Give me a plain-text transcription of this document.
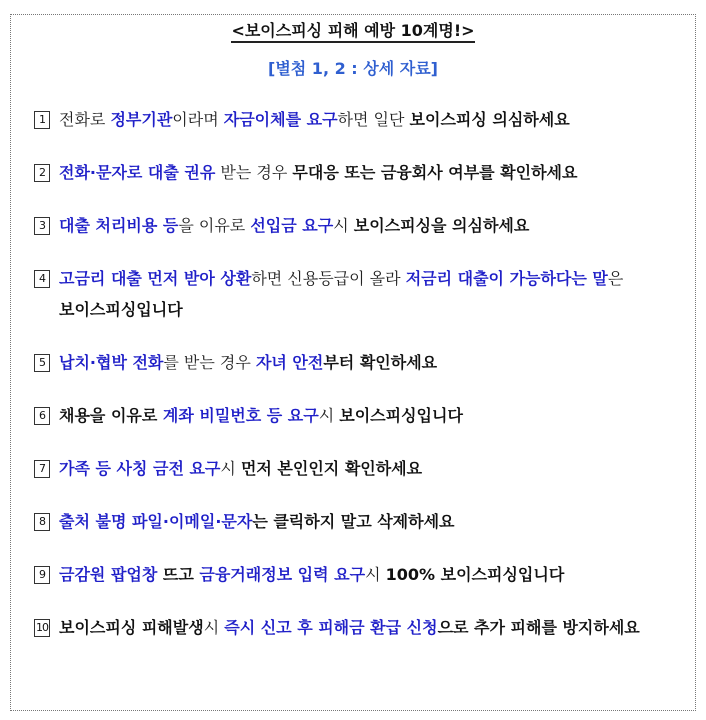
<보이스피싱 피해 예방 10계명!>
[별첨 1, 2 : 상세 자료]
1 전화로 정부기관이라며 자금이체를 요구하면 일단 보이스피싱 의심하세요
2 전화·문자로 대출 권유 받는 경우 무대응 또는 금융회사 여부를 확인하세요
3 대출 처리비용 등을 이유로 선입금 요구시 보이스피싱을 의심하세요
4 고금리 대출 먼저 받아 상환하면 신용등급이 올라 저금리 대출이 가능하다는 말은 보이스피싱입니다
5 납치·협박 전화를 받는 경우 자녀 안전부터 확인하세요
6 채용을 이유로 계좌 비밀번호 등 요구시 보이스피싱입니다
7 가족 등 사칭 금전 요구시 먼저 본인인지 확인하세요
8 출처 불명 파일·이메일·문자는 클릭하지 말고 삭제하세요
9 금감원 팝업창 뜨고 금융거래정보 입력 요구시 100% 보이스피싱입니다
10 보이스피싱 피해발생시 즉시 신고 후 피해금 환급 신청으로 추가 피해를 방지하세요
